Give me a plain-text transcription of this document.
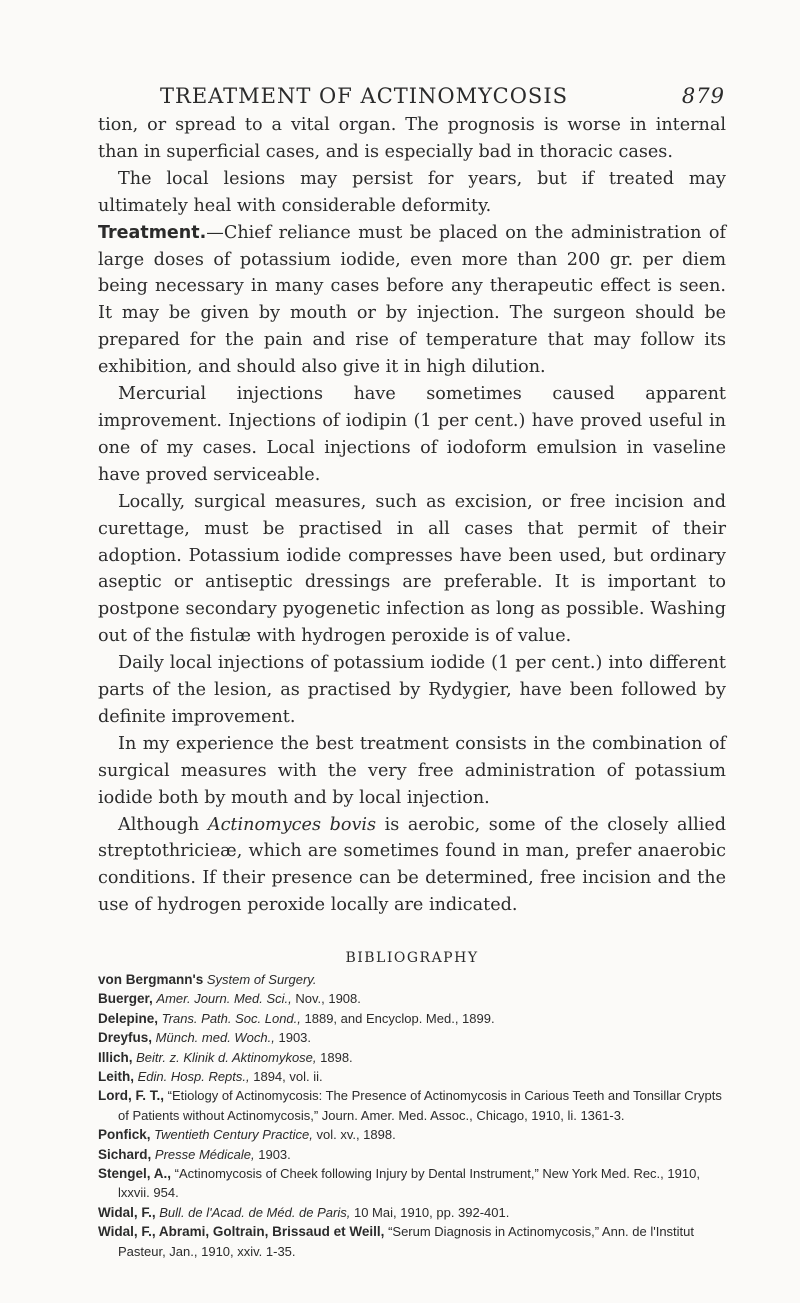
TREATMENT OF ACTINOMYCOSIS	879

tion, or spread to a vital organ. The prognosis is worse in internal than in superficial cases, and is especially bad in thoracic cases.

The local lesions may persist for years, but if treated may ultimately heal with considerable deformity.

Treatment.—Chief reliance must be placed on the administration of large doses of potassium iodide, even more than 200 gr. per diem being necessary in many cases before any therapeutic effect is seen. It may be given by mouth or by injection. The surgeon should be prepared for the pain and rise of temperature that may follow its exhibition, and should also give it in high dilution.

Mercurial injections have sometimes caused apparent improvement. Injections of iodipin (1 per cent.) have proved useful in one of my cases. Local injections of iodoform emulsion in vaseline have proved serviceable.

Locally, surgical measures, such as excision, or free incision and curettage, must be practised in all cases that permit of their adoption. Potassium iodide compresses have been used, but ordinary aseptic or antiseptic dressings are preferable. It is important to postpone secondary pyogenetic infection as long as possible. Washing out of the fistulæ with hydrogen peroxide is of value.

Daily local injections of potassium iodide (1 per cent.) into different parts of the lesion, as practised by Rydygier, have been followed by definite improvement.

In my experience the best treatment consists in the combination of surgical measures with the very free administration of potassium iodide both by mouth and by local injection.

Although Actinomyces bovis is aerobic, some of the closely allied streptothricieæ, which are sometimes found in man, prefer anaerobic conditions. If their presence can be determined, free incision and the use of hydrogen peroxide locally are indicated.

BIBLIOGRAPHY
von Bergmann's System of Surgery.
Buerger, Amer. Journ. Med. Sci., Nov., 1908.
Delepine, Trans. Path. Soc. Lond., 1889, and Encyclop. Med., 1899.
Dreyfus, Münch. med. Woch., 1903.
Illich, Beitr. z. Klinik d. Aktinomykose, 1898.
Leith, Edin. Hosp. Repts., 1894, vol. ii.
Lord, F. T., “Etiology of Actinomycosis: The Presence of Actinomycosis in Carious Teeth and Tonsillar Crypts of Patients without Actinomycosis,” Journ. Amer. Med. Assoc., Chicago, 1910, li. 1361-3.
Ponfick, Twentieth Century Practice, vol. xv., 1898.
Sichard, Presse Médicale, 1903.
Stengel, A., “Actinomycosis of Cheek following Injury by Dental Instrument,” New York Med. Rec., 1910, lxxvii. 954.
Widal, F., Bull. de l'Acad. de Méd. de Paris, 10 Mai, 1910, pp. 392-401.
Widal, F., Abrami, Goltrain, Brissaud et Weill, “Serum Diagnosis in Actinomycosis,” Ann. de l'Institut Pasteur, Jan., 1910, xxiv. 1-35.
